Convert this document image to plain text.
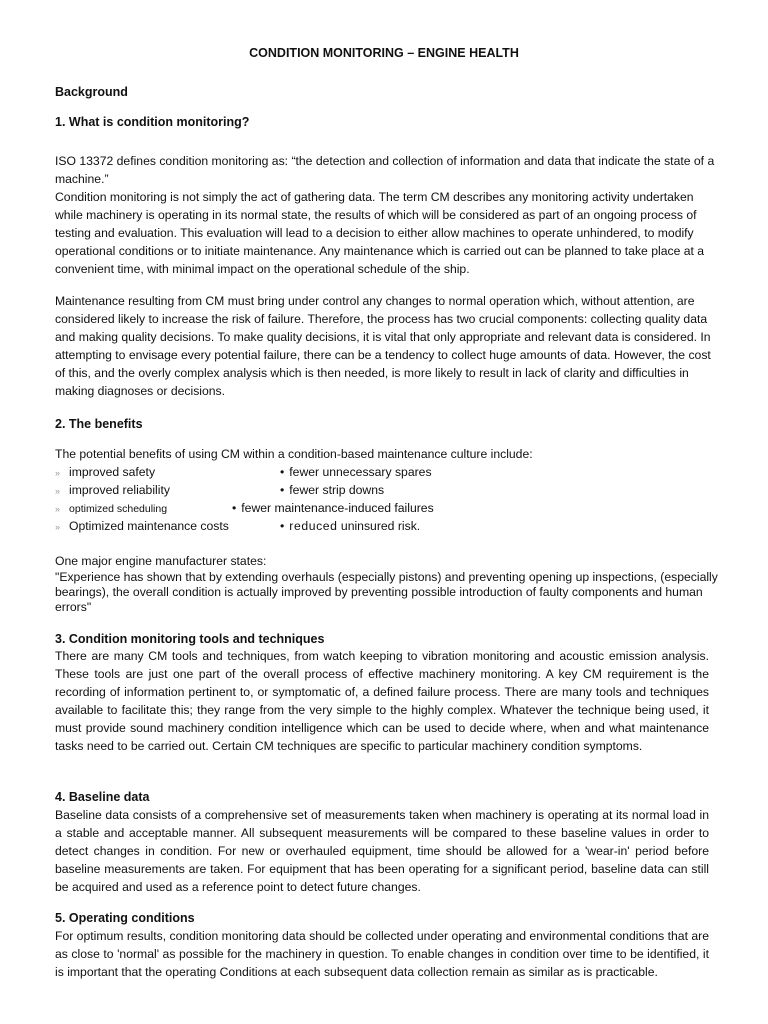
CONDITION MONITORING – ENGINE HEALTH
Background
1. What is condition monitoring?
ISO 13372 defines condition monitoring as: “the detection and collection of information and data that indicate the state of a machine.”
Condition monitoring is not simply the act of gathering data. The term CM describes any monitoring activity undertaken while machinery is operating in its normal state, the results of which will be considered as part of an ongoing process of testing and evaluation. This evaluation will lead to a decision to either allow machines to operate unhindered, to modify operational conditions or to initiate maintenance. Any maintenance which is carried out can be planned to take place at a convenient time, with minimal impact on the operational schedule of the ship.
Maintenance resulting from CM must bring under control any changes to normal operation which, without attention, are considered likely to increase the risk of failure. Therefore, the process has two crucial components: collecting quality data and making quality decisions. To make quality decisions, it is vital that only appropriate and relevant data is considered. In attempting to envisage every potential failure, there can be a tendency to collect huge amounts of data. However, the cost of this, and the overly complex analysis which is then needed, is more likely to result in lack of clarity and difficulties in making diagnoses or decisions.
2. The benefits
The potential benefits of using CM within a condition-based maintenance culture include:
» improved safety
» improved reliability
» optimized scheduling
» Optimized maintenance costs
• fewer unnecessary spares
• fewer strip downs
• fewer maintenance-induced failures
• reduced uninsured risk.
One major engine manufacturer states:
"Experience has shown that by extending overhauls (especially pistons) and preventing opening up inspections, (especially bearings), the overall condition is actually improved by preventing possible introduction of faulty components and human errors"
3. Condition monitoring tools and techniques
There are many CM tools and techniques, from watch keeping to vibration monitoring and acoustic emission analysis. These tools are just one part of the overall process of effective machinery monitoring. A key CM requirement is the recording of information pertinent to, or symptomatic of, a defined failure process. There are many tools and techniques available to facilitate this; they range from the very simple to the highly complex. Whatever the technique being used, it must provide sound machinery condition intelligence which can be used to decide where, when and what maintenance tasks need to be carried out. Certain CM techniques are specific to particular machinery condition symptoms.
4. Baseline data
Baseline data consists of a comprehensive set of measurements taken when machinery is operating at its normal load in a stable and acceptable manner. All subsequent measurements will be compared to these baseline values in order to detect changes in condition. For new or overhauled equipment, time should be allowed for a 'wear-in' period before baseline measurements are taken. For equipment that has been operating for a significant period, baseline data can still be acquired and used as a reference point to detect future changes.
5. Operating conditions
For optimum results, condition monitoring data should be collected under operating and environmental conditions that are as close to 'normal' as possible for the machinery in question. To enable changes in condition over time to be identified, it is important that the operating Conditions at each subsequent data collection remain as similar as is practicable.
